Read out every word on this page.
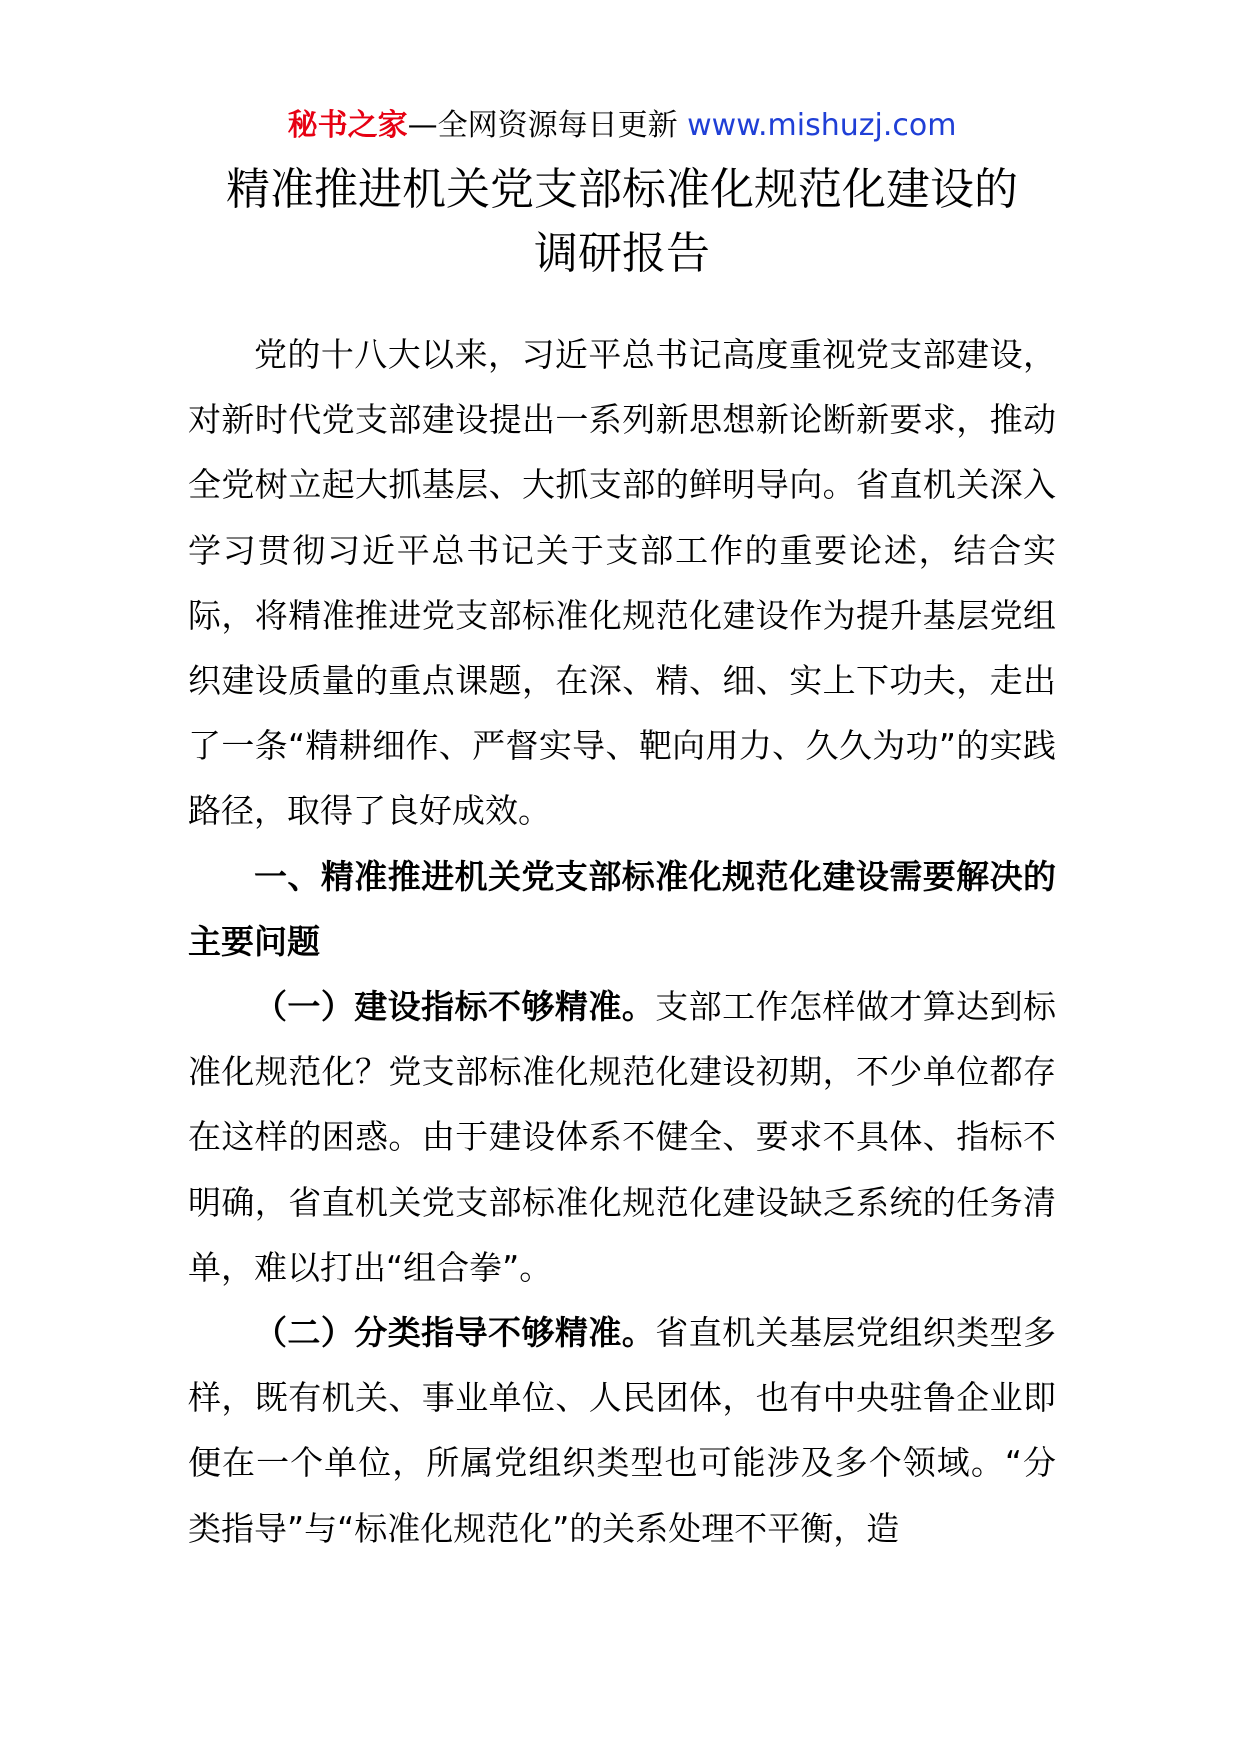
秘书之家—全网资源每日更新 www.mishuzj.com
精准推进机关党支部标准化规范化建设的
调研报告

党的十八大以来，习近平总书记高度重视党支部建设，对新时代党支部建设提出一系列新思想新论断新要求，推动全党树立起大抓基层、大抓支部的鲜明导向。省直机关深入学习贯彻习近平总书记关于支部工作的重要论述，结合实际，将精准推进党支部标准化规范化建设作为提升基层党组织建设质量的重点课题，在深、精、细、实上下功夫，走出了一条“精耕细作、严督实导、靶向用力、久久为功”的实践路径，取得了良好成效。

一、精准推进机关党支部标准化规范化建设需要解决的主要问题

（一）建设指标不够精准。支部工作怎样做才算达到标准化规范化？党支部标准化规范化建设初期，不少单位都存在这样的困惑。由于建设体系不健全、要求不具体、指标不明确，省直机关党支部标准化规范化建设缺乏系统的任务清单，难以打出“组合拳”。

（二）分类指导不够精准。省直机关基层党组织类型多样，既有机关、事业单位、人民团体，也有中央驻鲁企业即便在一个单位，所属党组织类型也可能涉及多个领域。“分类指导”与“标准化规范化”的关系处理不平衡，造
